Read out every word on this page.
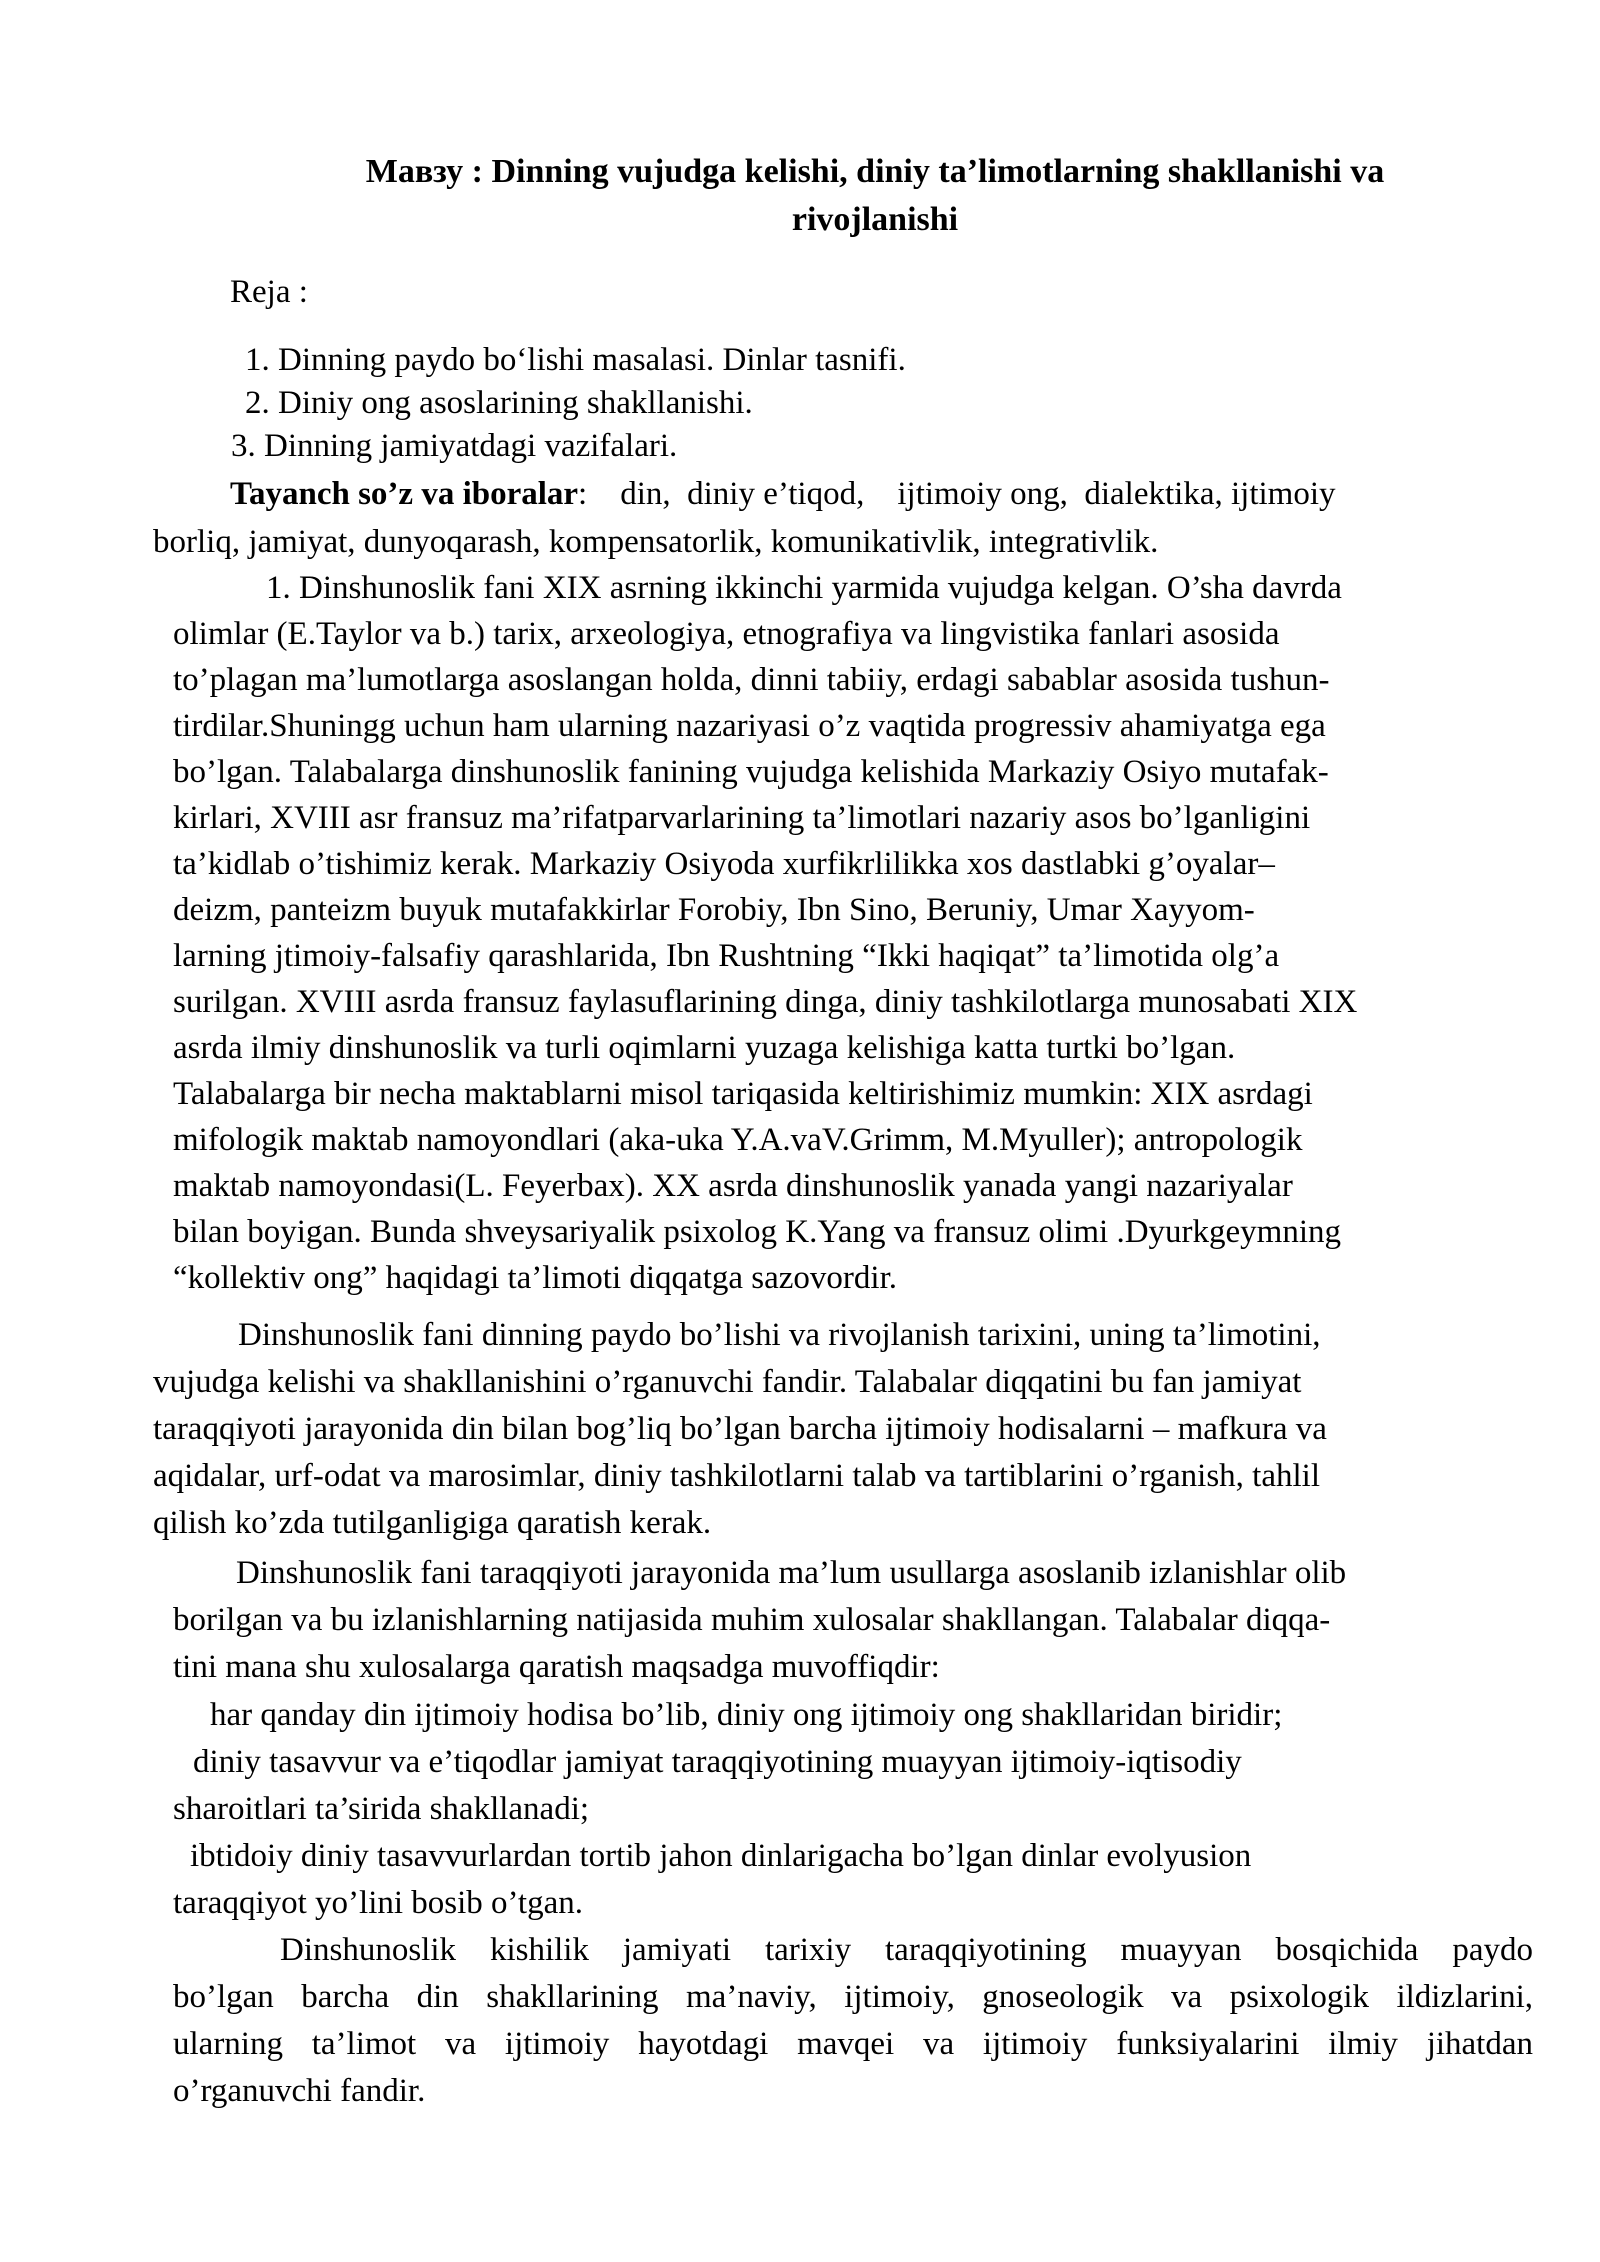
Мавзу : Dinning vujudga kelishi, diniy ta’limotlarning shakllanishi va
rivojlanishi
Reja :
1. Dinning paydo bo‘lishi masalasi. Dinlar tasnifi.
2. Diniy ong asoslarining shakllanishi.
3. Dinning jamiyatdagi vazifalari.
Tayanch so’z va iboralar:    din,  diniy e’tiqod,    ijtimoiy ong,  dialektika, ijtimoiy
borliq, jamiyat, dunyoqarash, kompensatorlik, komunikativlik, integrativlik.
1. Dinshunoslik fani XIX asrning ikkinchi yarmida vujudga kelgan. O’sha davrda
olimlar (E.Taylor va b.) tarix, arxeologiya, etnografiya va lingvistika fanlari asosida
to’plagan ma’lumotlarga asoslangan holda, dinni tabiiy, erdagi sabablar asosida tushun-
tirdilar.Shuningg uchun ham ularning nazariyasi o’z vaqtida progressiv ahamiyatga ega
bo’lgan. Talabalarga dinshunoslik fanining vujudga kelishida Markaziy Osiyo mutafak-
kirlari, XVIII asr fransuz ma’rifatparvarlarining ta’limotlari nazariy asos bo’lganligini
ta’kidlab o’tishimiz kerak. Markaziy Osiyoda xurfikrlilikka xos dastlabki g’oyalar–
deizm, panteizm buyuk mutafakkirlar Forobiy, Ibn Sino, Beruniy, Umar Xayyom-
larning jtimoiy-falsafiy qarashlarida, Ibn Rushtning “Ikki haqiqat” ta’limotida olg’a
surilgan. XVIII asrda fransuz faylasuflarining dinga, diniy tashkilotlarga munosabati XIX
asrda ilmiy dinshunoslik va turli oqimlarni yuzaga kelishiga katta turtki bo’lgan.
Talabalarga bir necha maktablarni misol tariqasida keltirishimiz mumkin: XIX asrdagi
mifologik maktab namoyondlari (aka-uka Y.A.vaV.Grimm, M.Myuller); antropologik
maktab namoyondasi(L. Feyerbax). XX asrda dinshunoslik yanada yangi nazariyalar
bilan boyigan. Bunda shveysariyalik psixolog K.Yang va fransuz olimi .Dyurkgeymning
“kollektiv ong” haqidagi ta’limoti diqqatga sazovordir.
Dinshunoslik fani dinning paydo bo’lishi va rivojlanish tarixini, uning ta’limotini,
vujudga kelishi va shakllanishini o’rganuvchi fandir. Talabalar diqqatini bu fan jamiyat
taraqqiyoti jarayonida din bilan bog’liq bo’lgan barcha ijtimoiy hodisalarni – mafkura va
aqidalar, urf-odat va marosimlar, diniy tashkilotlarni talab va tartiblarini o’rganish, tahlil
qilish ko’zda tutilganligiga qaratish kerak.
Dinshunoslik fani taraqqiyoti jarayonida ma’lum usullarga asoslanib izlanishlar olib
borilgan va bu izlanishlarning natijasida muhim xulosalar shakllangan. Talabalar diqqa-
tini mana shu xulosalarga qaratish maqsadga muvoffiqdir:
har qanday din ijtimoiy hodisa bo’lib, diniy ong ijtimoiy ong shakllaridan biridir;
diniy tasavvur va e’tiqodlar jamiyat taraqqiyotining muayyan ijtimoiy-iqtisodiy
sharoitlari ta’sirida shakllanadi;
ibtidoiy diniy tasavvurlardan tortib jahon dinlarigacha bo’lgan dinlar evolyusion
taraqqiyot yo’lini bosib o’tgan.
Dinshunoslik kishilik jamiyati tarixiy taraqqiyotining muayyan bosqichida paydo
bo’lgan barcha din shakllarining ma’naviy, ijtimoiy, gnoseologik va psixologik ildizlarini,
ularning ta’limot va ijtimoiy hayotdagi mavqei va ijtimoiy funksiyalarini ilmiy jihatdan
o’rganuvchi fandir.
